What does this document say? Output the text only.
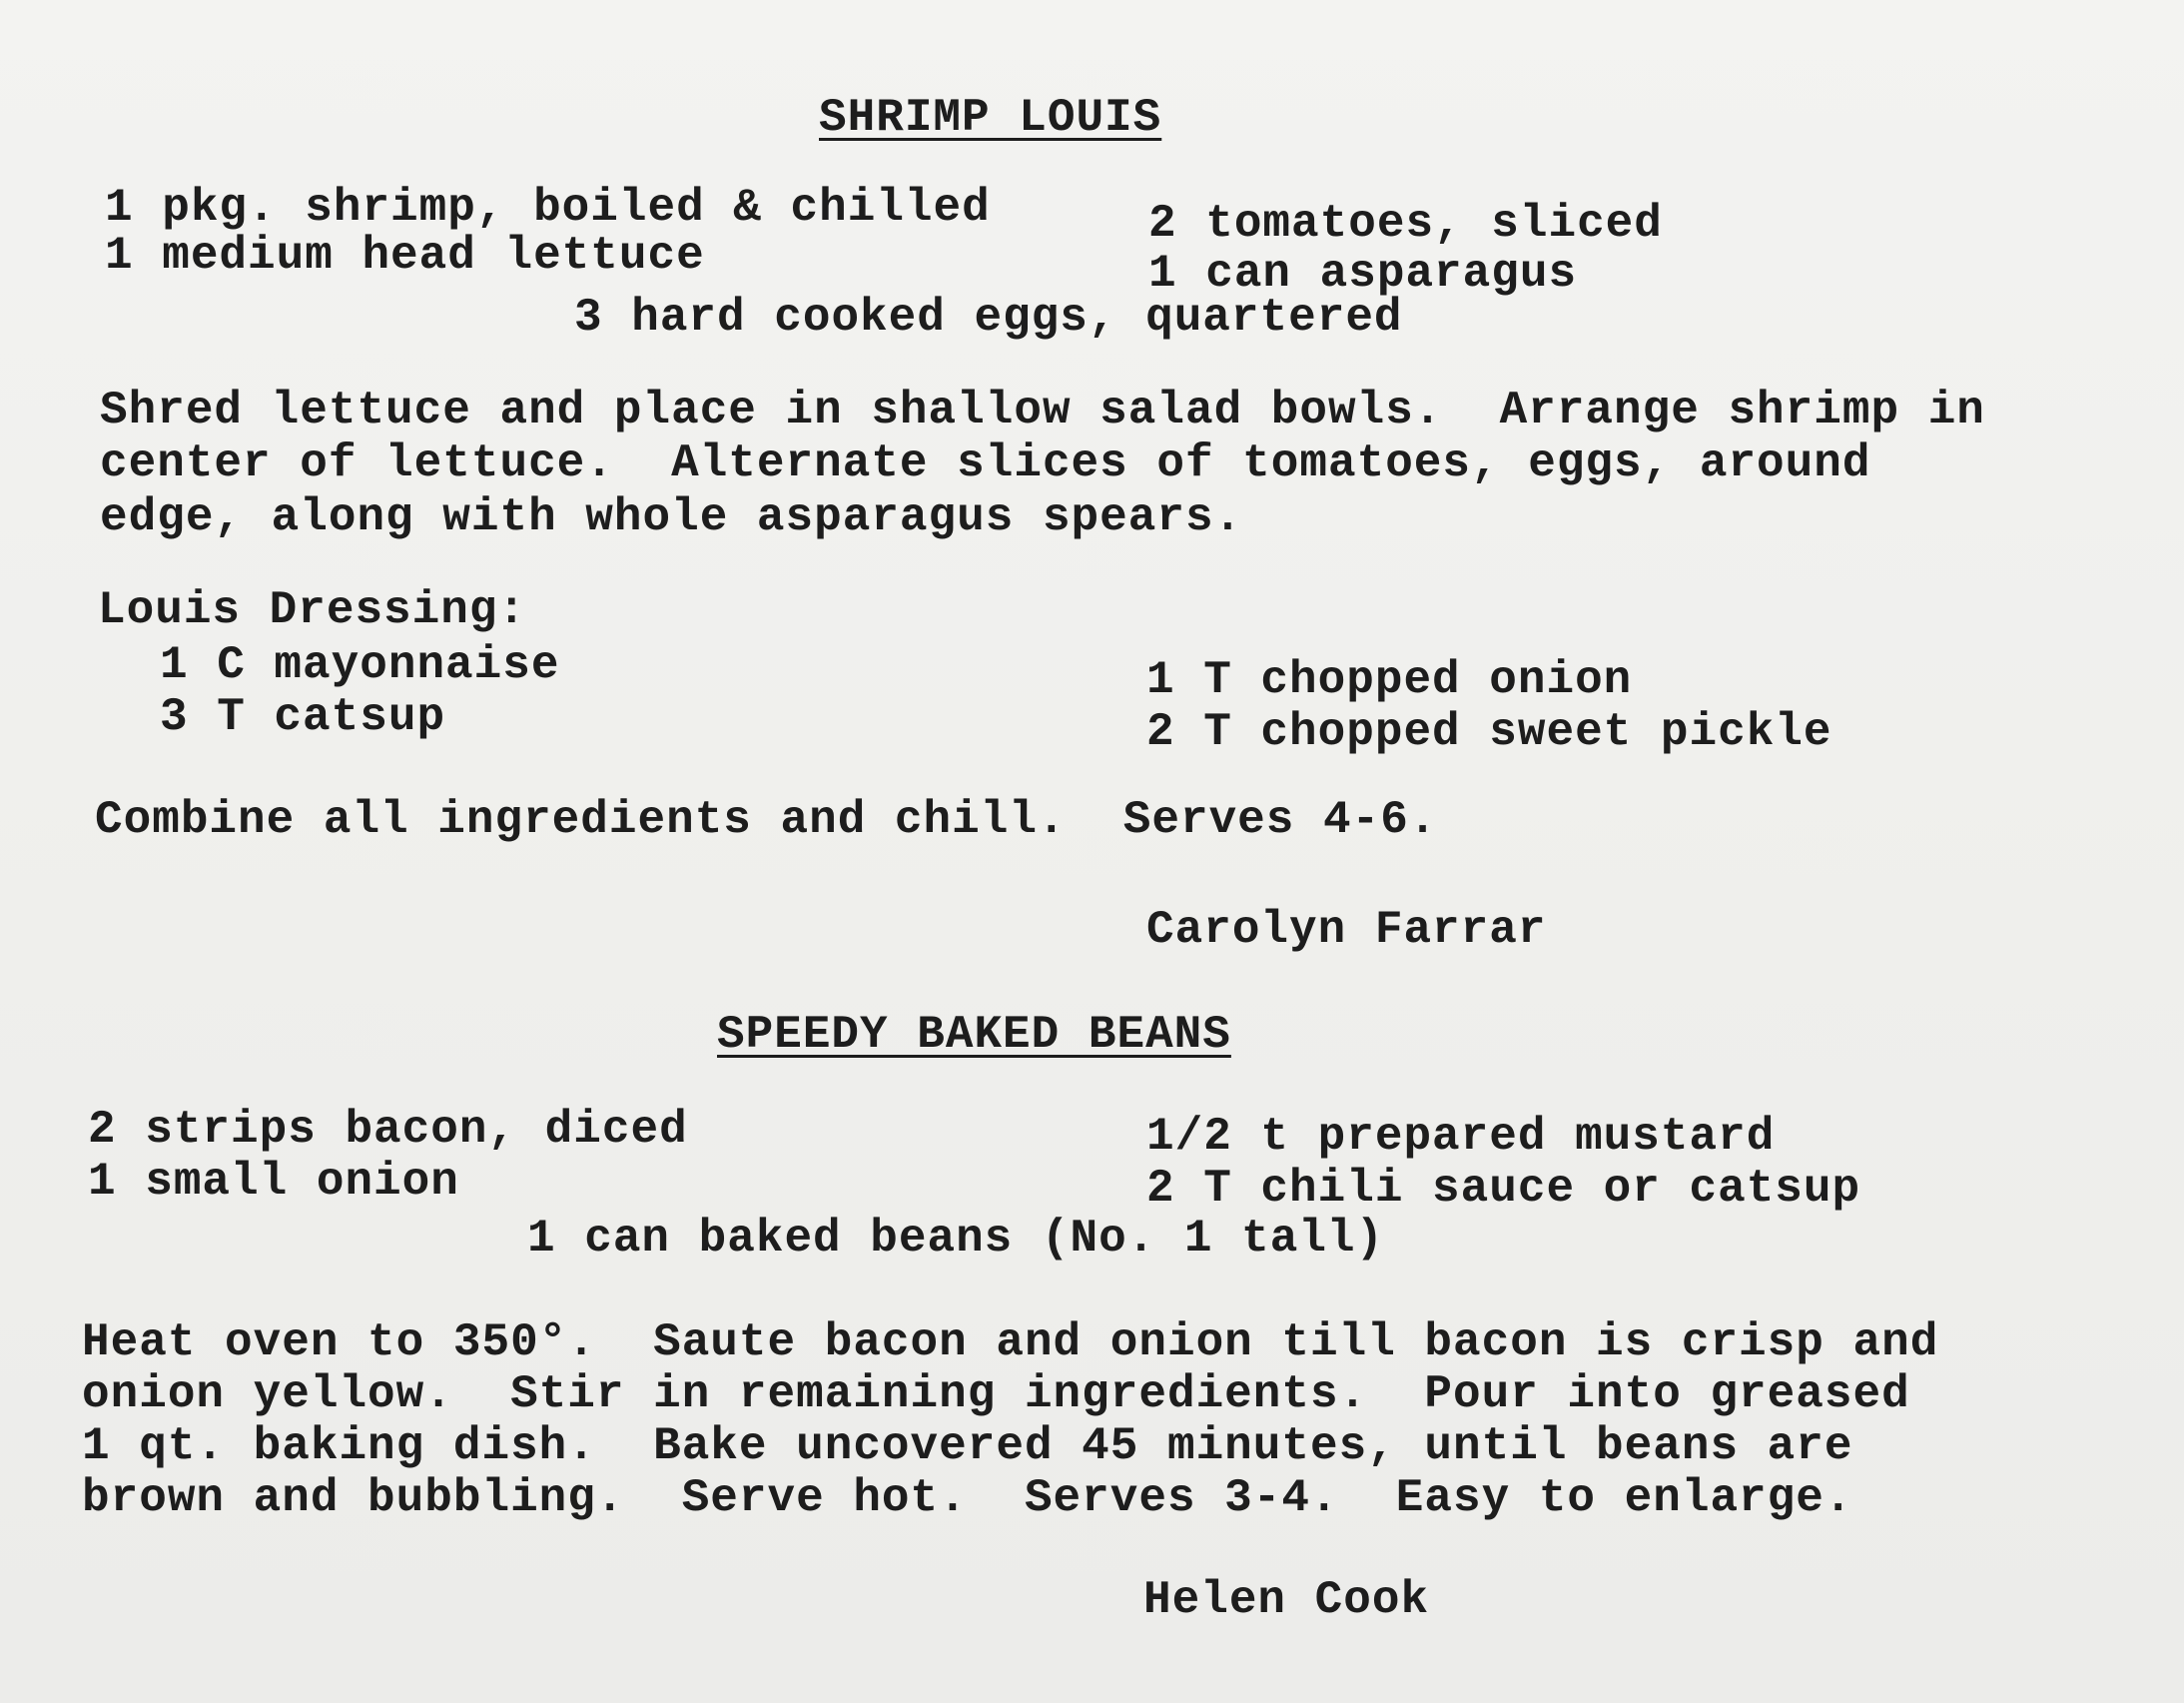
SHRIMP LOUIS
1 pkg. shrimp, boiled & chilled
1 medium head lettuce
2 tomatoes, sliced
1 can asparagus
3 hard cooked eggs, quartered
Shred lettuce and place in shallow salad bowls.  Arrange shrimp in
center of lettuce.  Alternate slices of tomatoes, eggs, around
edge, along with whole asparagus spears.
Louis Dressing:
1 C mayonnaise
3 T catsup
1 T chopped onion
2 T chopped sweet pickle
Combine all ingredients and chill.  Serves 4-6.
Carolyn Farrar
SPEEDY BAKED BEANS
2 strips bacon, diced
1 small onion
1/2 t prepared mustard
2 T chili sauce or catsup
1 can baked beans (No. 1 tall)
Heat oven to 350°.  Saute bacon and onion till bacon is crisp and
onion yellow.  Stir in remaining ingredients.  Pour into greased
1 qt. baking dish.  Bake uncovered 45 minutes, until beans are
brown and bubbling.  Serve hot.  Serves 3-4.  Easy to enlarge.
Helen Cook
